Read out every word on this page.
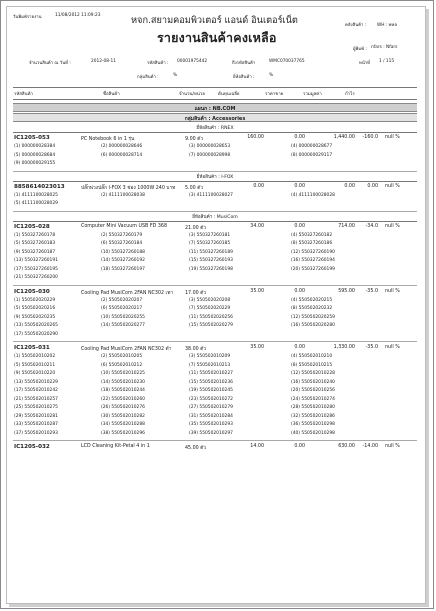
วันพิมพ์รายงาน	11/08/2012 11:09:23	หจก.สยามคอมพิวเตอร์ แอนด์ อินเตอร์เน็ต
รายงานสินค้าคงเหลือ
คลังสินค้า : WH : พหล
ผู้พิมพ์ : nfars : Nfars
หน้าที่ 1 / 115
จำนวนสินค้า ณ วันที่ :	2012-08-11	รหัสสินค้า : 00001975442	ถึงรหัสสินค้า	WMC070037765
กลุ่มสินค้า :	%	ยี่ห้อสินค้า :	%
รหัสสินค้า	ชื่อสินค้า	จำนวน/หน่วย	ต้นทุนเฉลี่ย	ราคาขาย	รวมมูลค่า	กำไร
แผนก : NB.COM
กลุ่มสินค้า : Accessories
ยี่ห้อสินค้า : RNEX
IC1205-053	PC Notebook 6 in 1 รุ่น	9.00 ตัว	160.00	0.00	1,440.00	-160.0 null %
(1) 000000028384	(2) 000000028646	(3) 000000028653	(4) 000000028677
(5) 000000028684	(6) 000000028714	(7) 000000028998	(8) 000000029117
(9) 000000029155
ยี่ห้อสินค้า : I-FOX
8858614023013	ปลั๊กพ่วงปลั๊ก I-FOX 3 ช่อง 1000W 240 บาท 5.00 ตัว	0.00	0.00	0.00	0.00 null %
(1) 4111100028025	(2) 4111100028038	(3) 4111100028027	(4) 4111100028028
(5) 4111100028029
ยี่ห้อสินค้า : MusiCom
IC1205-028	Computer Mini Vacuum USB FD 368	21.00 ตัว	34.00	0.00	714.00	-34.0 null %
(1) 550327260178	(2) 550327260179	(3) 550327260181	(4) 550327260182
(5) 550327260183	(6) 550327260184	(7) 550327260185	(8) 550327260186
(9) 550327260187	(10) 550327260188	(11) 550327260189	(12) 550327260190
(13) 550327260191	(14) 550327260192	(15) 550327260193	(16) 550327260194
(17) 550327260195	(18) 550327260197	(19) 550327260198	(20) 550327260199
(21) 550327260200
IC1205-030	Cooling Pad MusiCom 2FAN NC302 เทา 17.00 ตัว	35.00	0.00	595.00	-35.0 null %
(1) 550502020229	(2) 550502020207	(3) 550502020208	(4) 550502020215
(5) 550502020216	(6) 550502020217	(7) 550502020229	(8) 550502020232
(9) 550502020235	(10) 550502020255	(11) 550502020256	(12) 550502020259
(13) 550502020265	(14) 550502020277	(15) 550502020279	(16) 550502020280
(17) 550502020290
IC1205-031	Cooling Pad MusiCom 2FAN NC302 ดำ	38.00 ตัว	35.00	0.00	1,330.00	-35.0 null %
(1) 550502010202	(2) 550502010205	(3) 550502010209	(4) 550502010210
(5) 550502010211	(6) 550502010212	(7) 550502010213	(8) 550502010215
(9) 550502010220	(10) 550502010225	(11) 550502010227	(12) 550502010228
(13) 550502010229	(14) 550502010230	(15) 550502010236	(16) 550502010240
(17) 550502010242	(18) 550502010244	(19) 550502010245	(20) 550502010256
(21) 550502010257	(22) 550502010260	(23) 550502010272	(24) 550502010274
(25) 550502010275	(26) 550502010276	(27) 550502010279	(28) 550502010280
(29) 550502010281	(30) 550502010282	(31) 550502010284	(32) 550502010286
(33) 550502010287	(34) 550502010288	(35) 550502010293	(36) 550502010298
(37) 550502010293	(38) 550502010296	(39) 550502010297	(40) 550502010298
IC1205-032	LCD Cleaning Kit-Petal 4 in 1	45.00 ตัว	14.00	0.00	630.00	-14.00 null %
